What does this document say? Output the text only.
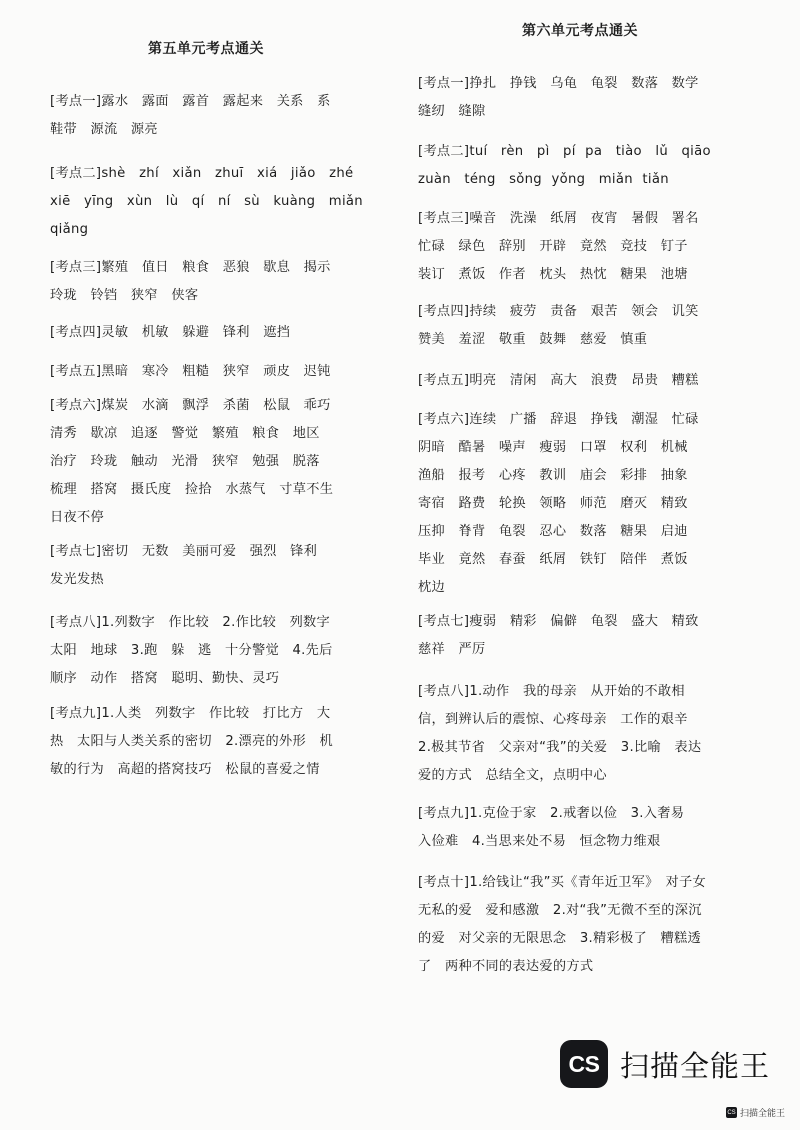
第五单元考点通关
[考点一]露水　露面　露首　露起来　关系　系
鞋带　源流　源亮
[考点二]shè　zhí　xiǎn　zhuī　xiá　jiǎo　zhé
xiē　yīng　xùn　lù　qí　ní　sù　kuàng　miǎn
qiǎng
[考点三]繁殖　值日　粮食　恶狼　歇息　揭示
玲珑　铃铛　狭窄　侠客
[考点四]灵敏　机敏　躲避　锋利　遮挡
[考点五]黑暗　寒冷　粗糙　狭窄　顽皮　迟钝
[考点六]煤炭　水滴　飘浮　杀菌　松鼠　乖巧
清秀　歇凉　追逐　警觉　繁殖　粮食　地区
治疗　玲珑　触动　光滑　狭窄　勉强　脱落
梳理　搭窝　摄氏度　捡拾　水蒸气　寸草不生
日夜不停
[考点七]密切　无数　美丽可爱　强烈　锋利
发光发热
[考点八]1.列数字　作比较　2.作比较　列数字
太阳　地球　3.跑　躲　逃　十分警觉　4.先后
顺序　动作　搭窝　聪明、勤快、灵巧
[考点九]1.人类　列数字　作比较　打比方　大
热　太阳与人类关系的密切　2.漂亮的外形　机
敏的行为　高超的搭窝技巧　松鼠的喜爱之情
第六单元考点通关
[考点一]挣扎　挣钱　乌龟　龟裂　数落　数学
缝纫　缝隙
[考点二]tuí　rèn　pì　pí pa　tiào　lǔ　qiāo
zuàn　téng　sǒng yǒng　miǎn tiǎn
[考点三]噪音　洗澡　纸屑　夜宵　暑假　署名
忙碌　绿色　辞别　开辟　竟然　竞技　钉子
装订　煮饭　作者　枕头　热忱　糖果　池塘
[考点四]持续　疲劳　责备　艰苦　领会　讥笑
赞美　羞涩　敬重　鼓舞　慈爱　慎重
[考点五]明亮　清闲　高大　浪费　昂贵　糟糕
[考点六]连续　广播　辞退　挣钱　潮湿　忙碌
阴暗　酷暑　噪声　瘦弱　口罩　权利　机械
渔船　报考　心疼　教训　庙会　彩排　抽象
寄宿　路费　轮换　领略　师范　磨灭　精致
压抑　脊背　龟裂　忍心　数落　糖果　启迪
毕业　竟然　春蚕　纸屑　铁钉　陪伴　煮饭
枕边
[考点七]瘦弱　精彩　偏僻　龟裂　盛大　精致
慈祥　严厉
[考点八]1.动作　我的母亲　从开始的不敢相
信，到辨认后的震惊、心疼母亲　工作的艰辛
2.极其节省　父亲对“我”的关爱　3.比喻　表达
爱的方式　总结全文，点明中心
[考点九]1.克俭于家　2.戒奢以俭　3.入奢易
入俭难　4.当思来处不易　恒念物力维艰
[考点十]1.给钱让“我”买《青年近卫军》　对子女
无私的爱　爱和感激　2.对“我”无微不至的深沉
的爱　对父亲的无限思念　3.精彩极了　糟糕透
了　两种不同的表达爱的方式
CS 扫描全能王
CS 扫描全能王
